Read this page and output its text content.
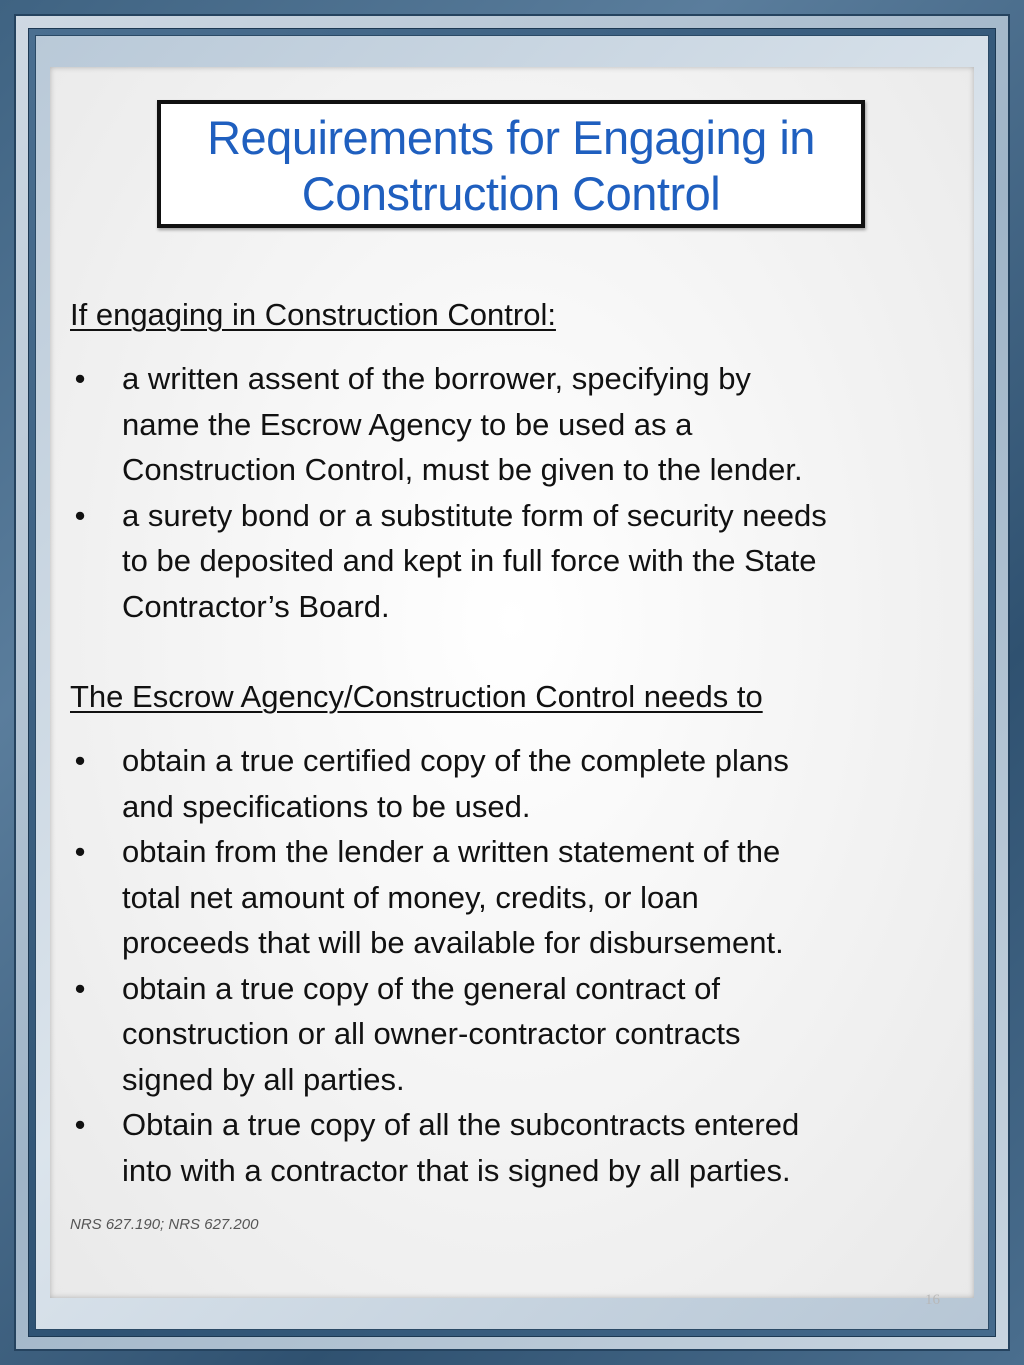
Requirements for Engaging in
Construction Control

If engaging in Construction Control:

• a written assent of the borrower, specifying by
name the Escrow Agency to be used as a
Construction Control, must be given to the lender.
• a surety bond or a substitute form of security needs
to be deposited and kept in full force with the State
Contractor’s Board.

The Escrow Agency/Construction Control needs to

• obtain a true certified copy of the complete plans
and specifications to be used.
• obtain from the lender a written statement of the
total net amount of money, credits, or loan
proceeds that will be available for disbursement.
• obtain a true copy of the general contract of
construction or all owner-contractor contracts
signed by all parties.
• Obtain a true copy of all the subcontracts entered
into with a contractor that is signed by all parties.
NRS 627.190; NRS 627.200
16
